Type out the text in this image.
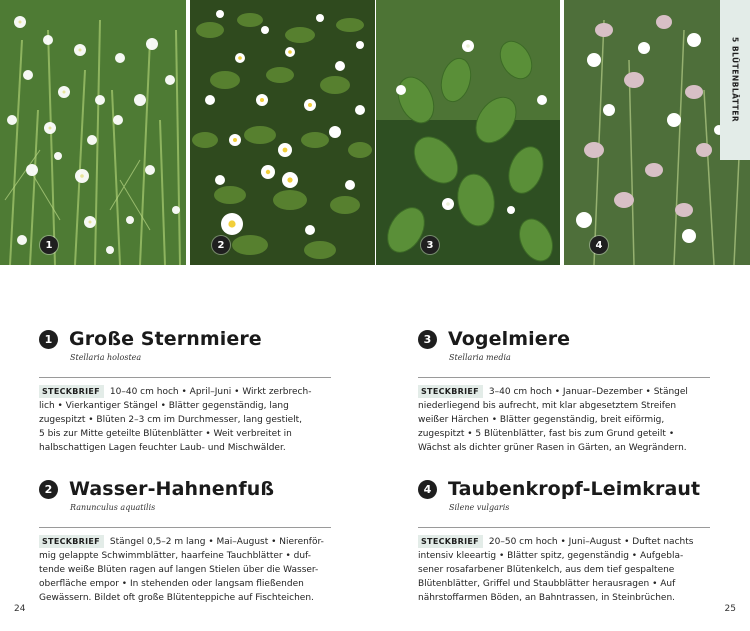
1	2	3	4
5 BLÜTENBLÄTTER
1 Große Sternmiere
Stellaria holostea
STECKBRIEF 10–40 cm hoch • April–Juni • Wirkt zerbrech-
lich • Vierkantiger Stängel • Blätter gegenständig, lang
zugespitzt • Blüten 2–3 cm im Durchmesser, lang gestielt,
5 bis zur Mitte geteilte Blütenblätter • Weit verbreitet in
halbschattigen Lagen feuchter Laub- und Mischwälder.
2 Wasser-Hahnenfuß
Ranunculus aquatilis
STECKBRIEF Stängel 0,5–2 m lang • Mai–August • Nierenför-
mig gelappte Schwimmblätter, haarfeine Tauchblätter • duf-
tende weiße Blüten ragen auf langen Stielen über die Wasser-
oberfläche empor • In stehenden oder langsam fließenden
Gewässern. Bildet oft große Blütenteppiche auf Fischteichen.
3 Vogelmiere
Stellaria media
STECKBRIEF 3–40 cm hoch • Januar–Dezember • Stängel
niederliegend bis aufrecht, mit klar abgesetztem Streifen
weißer Härchen • Blätter gegenständig, breit eiförmig,
zugespitzt • 5 Blütenblätter, fast bis zum Grund geteilt •
Wächst als dichter grüner Rasen in Gärten, an Wegrändern.
4 Taubenkropf-Leimkraut
Silene vulgaris
STECKBRIEF 20–50 cm hoch • Juni–August • Duftet nachts
intensiv kleeartig • Blätter spitz, gegenständig • Aufgebla-
sener rosafarbener Blütenkelch, aus dem tief gespaltene
Blütenblätter, Griffel und Staubblätter herausragen • Auf
nährstoffarmen Böden, an Bahntrassen, in Steinbrüchen.
24	25
